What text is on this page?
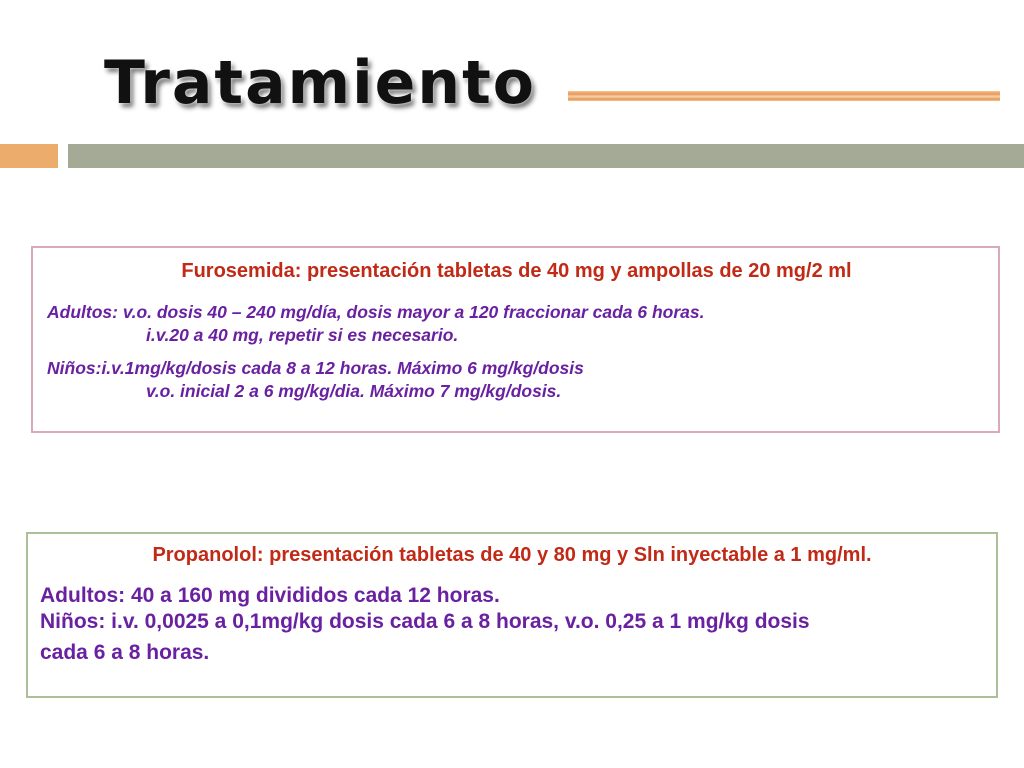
Tratamiento
Furosemida: presentación tabletas de 40 mg y ampollas de 20 mg/2 ml
Adultos: v.o. dosis 40 – 240 mg/día, dosis mayor a 120 fraccionar cada 6 horas.
i.v.20 a 40 mg, repetir si es necesario.
Niños:i.v.1mg/kg/dosis cada 8 a 12 horas. Máximo 6 mg/kg/dosis
v.o. inicial 2 a 6 mg/kg/dia. Máximo 7 mg/kg/dosis.
Propanolol: presentación tabletas de 40 y 80 mg y Sln inyectable a 1 mg/ml.
Adultos: 40 a 160 mg divididos cada 12 horas.
Niños: i.v. 0,0025 a 0,1mg/kg dosis cada 6 a 8 horas, v.o. 0,25 a 1 mg/kg dosis
cada 6 a 8 horas.
